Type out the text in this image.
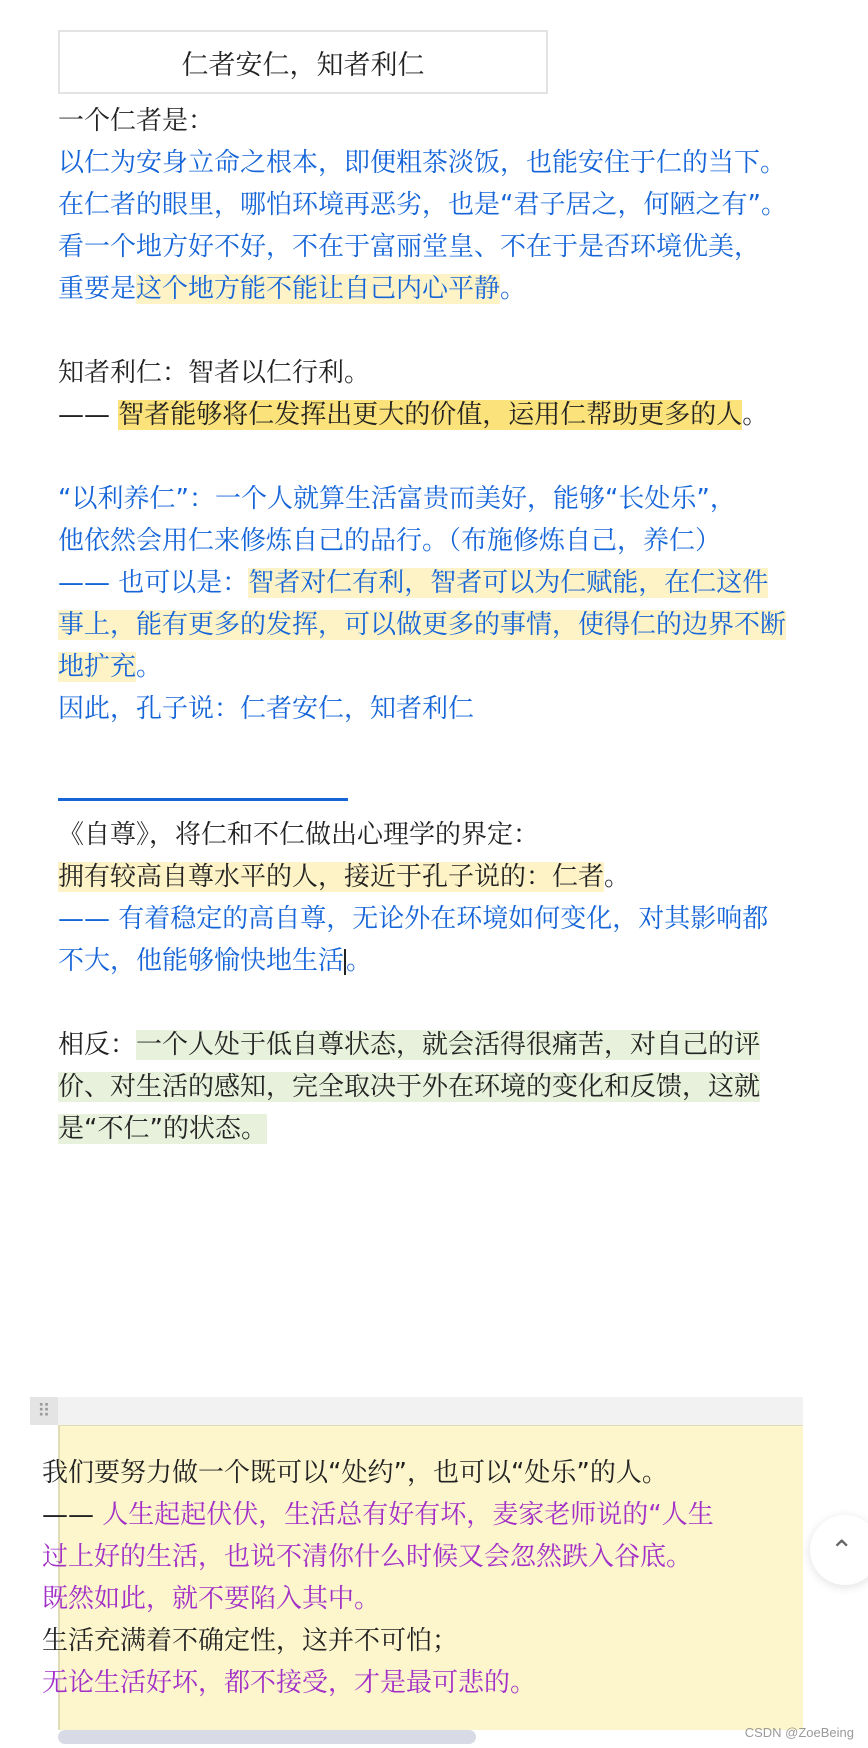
仁者安仁，知者利仁

一个仁者是：

以仁为安身立命之根本，即便粗茶淡饭，也能安住于仁的当下。

在仁者的眼里，哪怕环境再恶劣，也是“君子居之，何陋之有”。

看一个地方好不好，不在于富丽堂皇、不在于是否环境优美，

重要是这个地方能不能让自己内心平静。

知者利仁：智者以仁行利。

—— 智者能够将仁发挥出更大的价值，运用仁帮助更多的人。

“以利养仁”：一个人就算生活富贵而美好，能够“长处乐”，

他依然会用仁来修炼自己的品行。（布施修炼自己，养仁）

—— 也可以是：智者对仁有利，智者可以为仁赋能，在仁这件事上，能有更多的发挥，可以做更多的事情，使得仁的边界不断地扩充。

因此，孔子说：仁者安仁，知者利仁

《自尊》，将仁和不仁做出心理学的界定：

拥有较高自尊水平的人，接近于孔子说的：仁者。

—— 有着稳定的高自尊，无论外在环境如何变化，对其影响都不大，他能够愉快地生活。

相反：一个人处于低自尊状态，就会活得很痛苦，对自己的评价、对生活的感知，完全取决于外在环境的变化和反馈，这就是“不仁”的状态。

⠿
我们要努力做一个既可以“处约”，也可以“处乐”的人。
—— 人生起起伏伏，生活总有好有坏，麦家老师说的“人生
过上好的生活，也说不清你什么时候又会忽然跌入谷底。
既然如此，就不要陷入其中。
生活充满着不确定性，这并不可怕；
无论生活好坏，都不接受，才是最可悲的。
⌃
CSDN @ZoeBeing
